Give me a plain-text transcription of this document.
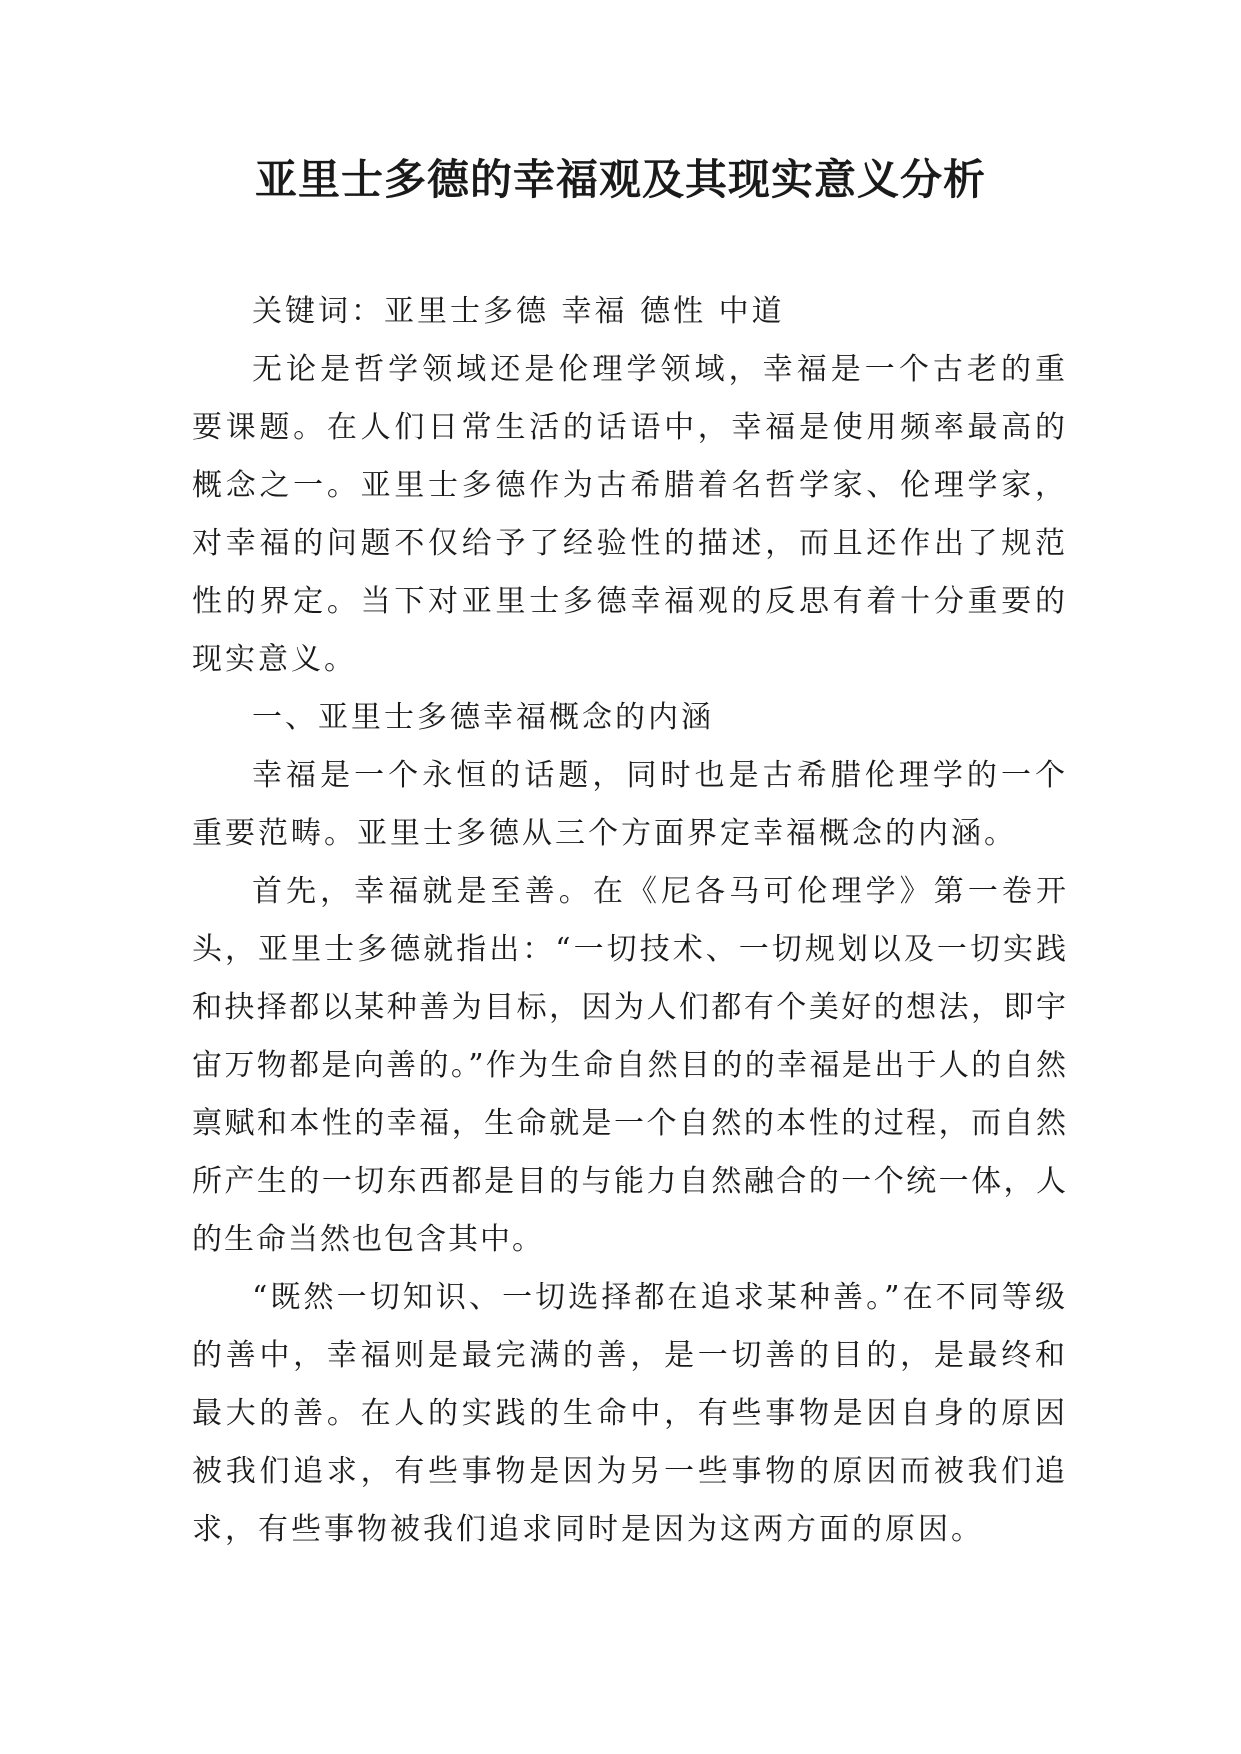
亚里士多德的幸福观及其现实意义分析

关键词：亚里士多德 幸福 德性 中道

无论是哲学领域还是伦理学领域，幸福是一个古老的重要课题。在人们日常生活的话语中，幸福是使用频率最高的概念之一。亚里士多德作为古希腊着名哲学家、伦理学家，对幸福的问题不仅给予了经验性的描述，而且还作出了规范性的界定。当下对亚里士多德幸福观的反思有着十分重要的现实意义。

一、亚里士多德幸福概念的内涵

幸福是一个永恒的话题，同时也是古希腊伦理学的一个重要范畴。亚里士多德从三个方面界定幸福概念的内涵。

首先，幸福就是至善。在《尼各马可伦理学》第一卷开头，亚里士多德就指出：“一切技术、一切规划以及一切实践和抉择都以某种善为目标，因为人们都有个美好的想法，即宇宙万物都是向善的。”作为生命自然目的的幸福是出于人的自然禀赋和本性的幸福，生命就是一个自然的本性的过程，而自然所产生的一切东西都是目的与能力自然融合的一个统一体，人的生命当然也包含其中。

“既然一切知识、一切选择都在追求某种善。”在不同等级的善中，幸福则是最完满的善，是一切善的目的，是最终和最大的善。在人的实践的生命中，有些事物是因自身的原因被我们追求，有些事物是因为另一些事物的原因而被我们追求，有些事物被我们追求同时是因为这两方面的原因。
